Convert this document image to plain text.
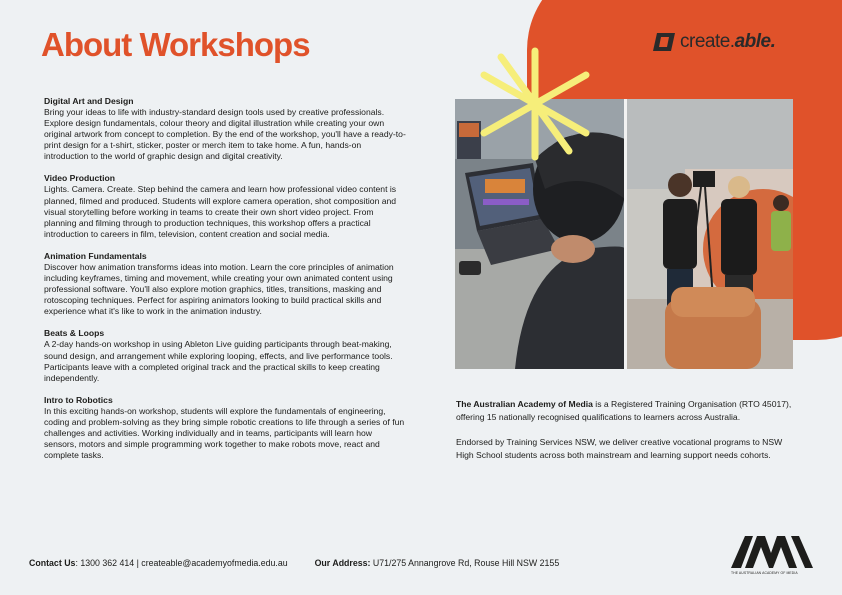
About Workshops	create. able.
Digital Art and Design
Bring your ideas to life with industry-standard design tools used by creative professionals. Explore design fundamentals, colour theory and digital illustration while creating your own original artwork from concept to completion. By the end of the workshop, you'll have a ready-to-print design for a t-shirt, sticker, poster or merch item to take home. A fun, hands-on introduction to the world of graphic design and digital creativity.
Video Production
Lights. Camera. Create. Step behind the camera and learn how professional video content is planned, filmed and produced. Students will explore camera operation, shot composition and visual storytelling before working in teams to create their own short video project. From planning and filming through to production techniques, this workshop offers a practical introduction to careers in film, television, content creation and social media.
Animation Fundamentals
Discover how animation transforms ideas into motion. Learn the core principles of animation including keyframes, timing and movement, while creating your own animated content using professional software. You'll also explore motion graphics, titles, transitions, masking and rotoscoping techniques. Perfect for aspiring animators looking to build practical skills and experience what it's like to work in the animation industry.
Beats & Loops
A 2-day hands-on workshop in using Ableton Live guiding participants through beat-making, sound design, and arrangement while exploring looping, effects, and live performance tools. Participants leave with a completed original track and the practical skills to keep creating independently.
Intro to Robotics
In this exciting hands-on workshop, students will explore the fundamentals of engineering, coding and problem-solving as they bring simple robotic creations to life through a series of fun challenges and activities. Working individually and in teams, participants will learn how sensors, motors and simple programming work together to make robots move, react and complete tasks.

The Australian Academy of Media is a Registered Training Organisation (RTO 45017), offering 15 nationally recognised qualifications to learners across Australia.

Endorsed by Training Services NSW, we deliver creative vocational programs to NSW High School students across both mainstream and learning support needs cohorts.

Contact Us: 1300 362 414 | createable@academyofmedia.edu.au	Our Address: U71/275 Annangrove Rd, Rouse Hill NSW 2155
THE AUSTRALIAN ACADEMY OF MEDIA
